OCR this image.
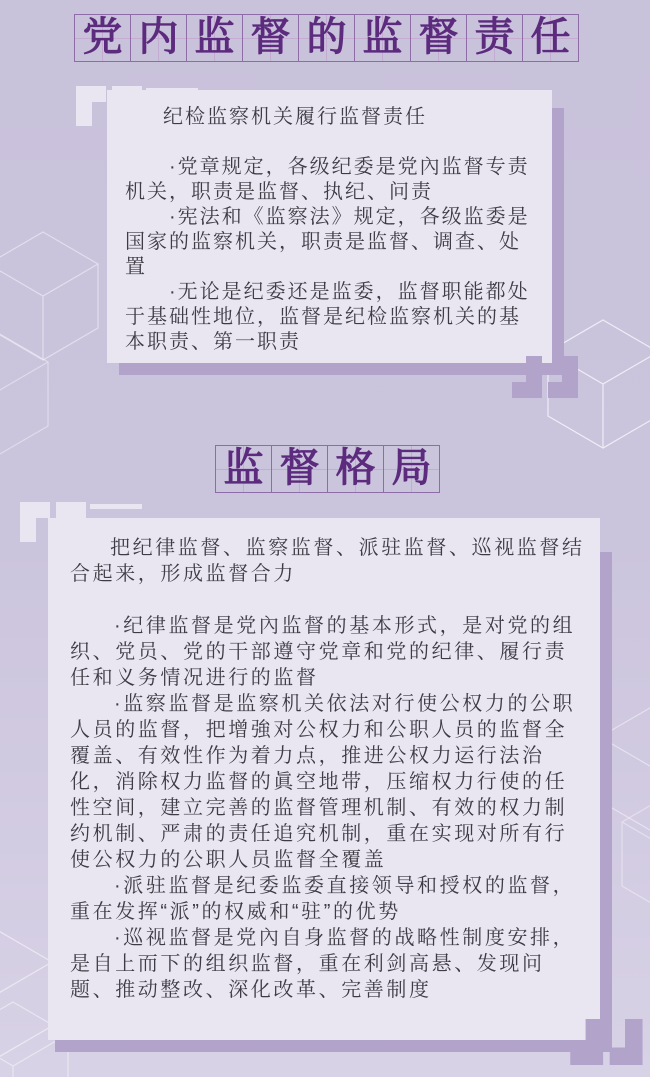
党 内 监 督 的 监 督 责 任

纪检监察机关履行监督责任

·党章规定，各级纪委是党內监督专责机关，职责是监督、执纪、问责

·宪法和《监察法》规定，各级监委是国家的监察机关，职责是监督、调查、处置

·无论是纪委还是监委，监督职能都处于基础性地位，监督是纪检监察机关的基本职责、第一职责

监 督 格 局

把纪律监督、监察监督、派驻监督、巡视监督结合起来，形成监督合力

·纪律监督是党內监督的基本形式，是对党的组织、党员、党的干部遵守党章和党的纪律、履行责任和义务情况进行的监督

·监察监督是监察机关依法对行使公权力的公职人员的监督，把增強对公权力和公职人员的监督全覆盖、有效性作为着力点，推进公权力运行法治化，消除权力监督的眞空地带，压缩权力行使的任性空间，建立完善的监督管理机制、有效的权力制约机制、严肃的责任追究机制，重在实现对所有行使公权力的公职人员监督全覆盖

·派驻监督是纪委监委直接领导和授权的监督，重在发挥“派”的权威和“驻”的优势

·巡视监督是党內自身监督的战略性制度安排，是自上而下的组织监督，重在利剑高悬、发现问题、推动整改、深化改革、完善制度
